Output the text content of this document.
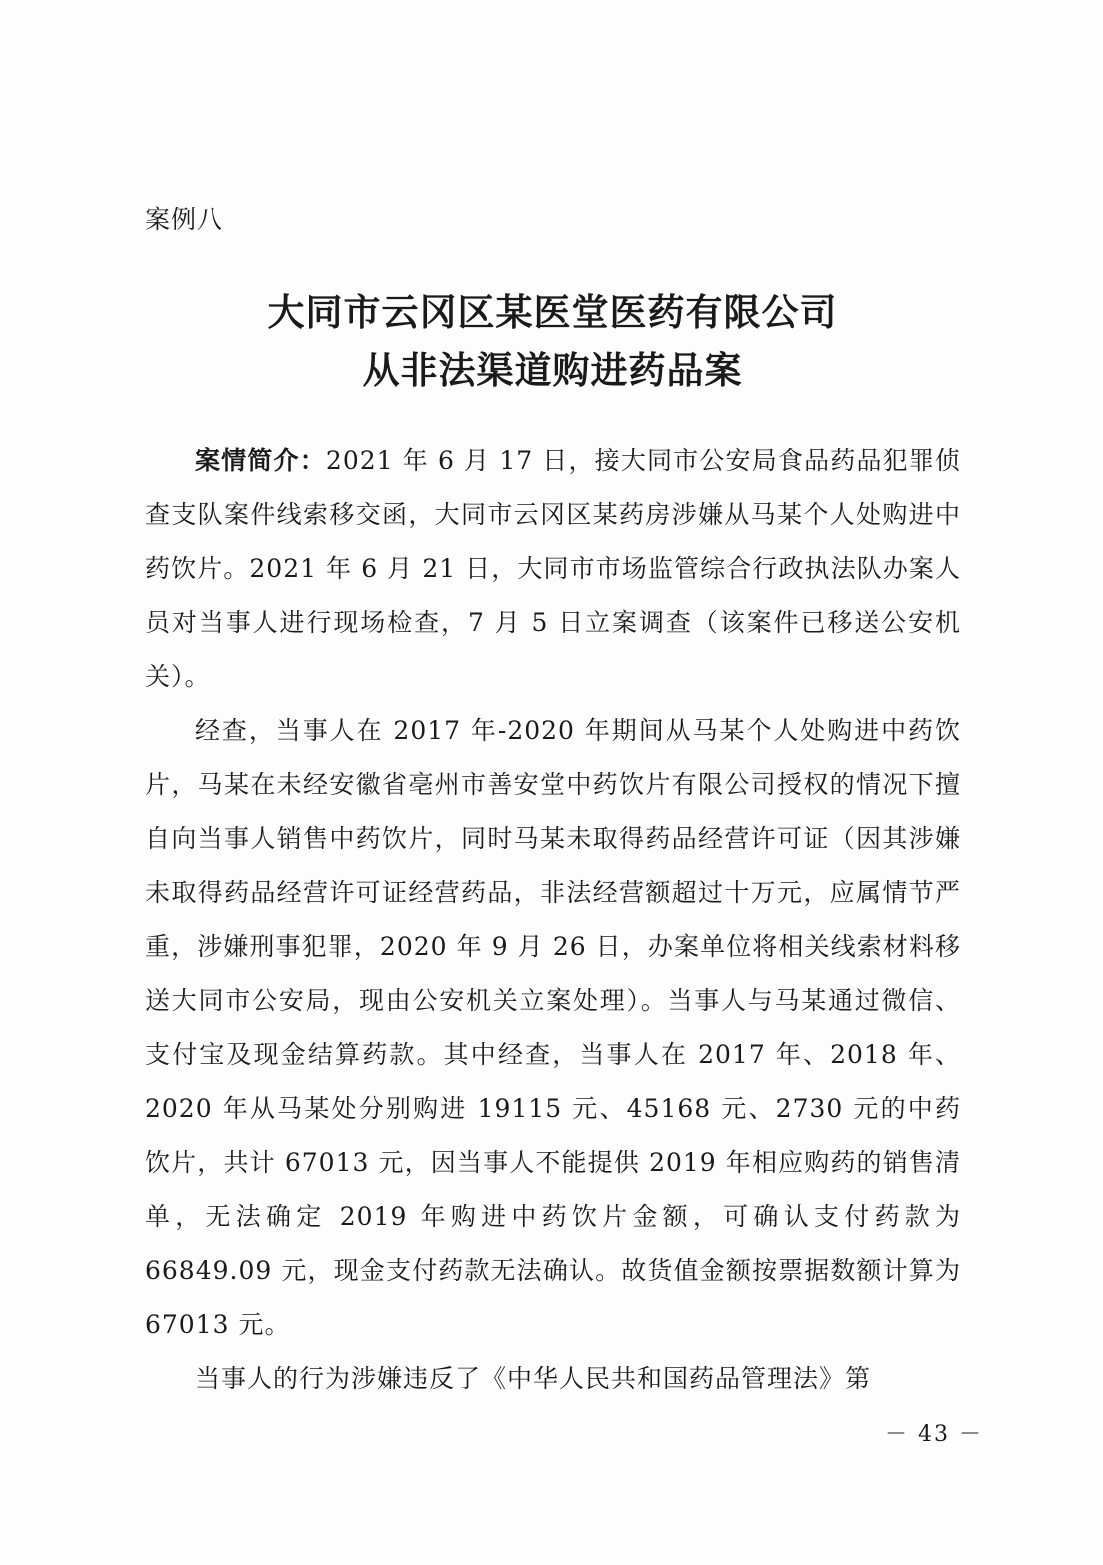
案例八

大同市云冈区某医堂医药有限公司
从非法渠道购进药品案

案情简介：2021 年 6 月 17 日，接大同市公安局食品药品犯罪侦查支队案件线索移交函，大同市云冈区某药房涉嫌从马某个人处购进中药饮片。2021 年 6 月 21 日，大同市市场监管综合行政执法队办案人员对当事人进行现场检查，7 月 5 日立案调查（该案件已移送公安机关）。

经查，当事人在 2017 年-2020 年期间从马某个人处购进中药饮片，马某在未经安徽省亳州市善安堂中药饮片有限公司授权的情况下擅自向当事人销售中药饮片，同时马某未取得药品经营许可证（因其涉嫌未取得药品经营许可证经营药品，非法经营额超过十万元，应属情节严重，涉嫌刑事犯罪，2020 年 9 月 26 日，办案单位将相关线索材料移送大同市公安局，现由公安机关立案处理）。当事人与马某通过微信、支付宝及现金结算药款。其中经查，当事人在 2017 年、2018 年、2020 年从马某处分别购进 19115 元、45168 元、2730 元的中药饮片，共计 67013 元，因当事人不能提供 2019 年相应购药的销售清单，无法确定 2019 年购进中药饮片金额，可确认支付药款为 66849.09 元，现金支付药款无法确认。故货值金额按票据数额计算为 67013 元。

当事人的行为涉嫌违反了《中华人民共和国药品管理法》第

－ 43 －
